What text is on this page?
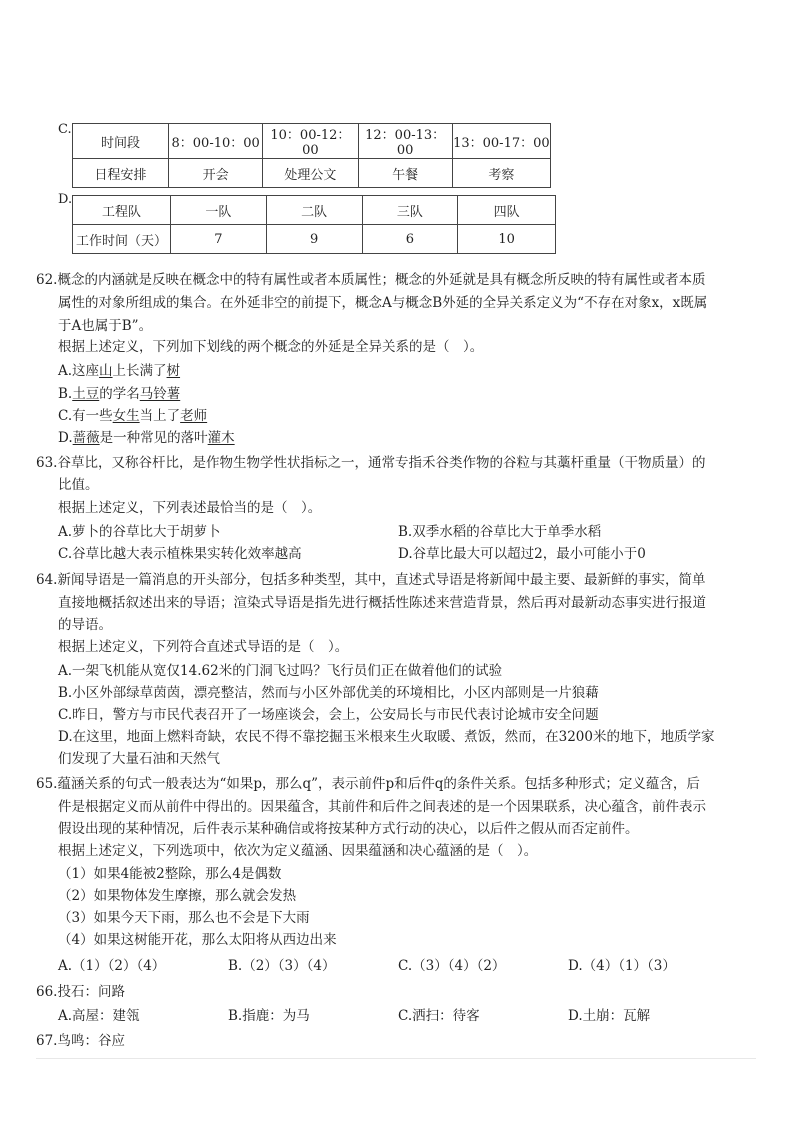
C.
时间段	8：00-10：00	10：00-12：00	12：00-13：00	13：00-17：00
日程安排	开会	处理公文	午餐	考察
D.
工程队	一队	二队	三队	四队
工作时间（天）	7	9	6	10
62.概念的内涵就是反映在概念中的特有属性或者本质属性；概念的外延就是具有概念所反映的特有属性或者本质
属性的对象所组成的集合。在外延非空的前提下，概念A与概念B外延的全异关系定义为“不存在对象x，x既属
于A也属于B”。
根据上述定义，下列加下划线的两个概念的外延是全异关系的是（　）。
A.这座山上长满了树
B.土豆的学名马铃薯
C.有一些女生当上了老师
D.蔷薇是一种常见的落叶灌木
63.谷草比，又称谷杆比，是作物生物学性状指标之一，通常专指禾谷类作物的谷粒与其藁杆重量（干物质量）的
比值。
根据上述定义，下列表述最恰当的是（　）。
A.萝卜的谷草比大于胡萝卜	B.双季水稻的谷草比大于单季水稻
C.谷草比越大表示植株果实转化效率越高	D.谷草比最大可以超过2，最小可能小于0
64.新闻导语是一篇消息的开头部分，包括多种类型，其中，直述式导语是将新闻中最主要、最新鲜的事实，简单
直接地概括叙述出来的导语；渲染式导语是指先进行概括性陈述来营造背景，然后再对最新动态事实进行报道
的导语。
根据上述定义，下列符合直述式导语的是（　）。
A.一架飞机能从宽仅14.62米的门洞飞过吗？飞行员们正在做着他们的试验
B.小区外部绿草茵茵，漂亮整洁，然而与小区外部优美的环境相比，小区内部则是一片狼藉
C.昨日，警方与市民代表召开了一场座谈会，会上，公安局长与市民代表讨论城市安全问题
D.在这里，地面上燃料奇缺，农民不得不靠挖掘玉米根来生火取暖、煮饭，然而，在3200米的地下，地质学家
们发现了大量石油和天然气
65.蕴涵关系的句式一般表达为“如果p，那么q”，表示前件p和后件q的条件关系。包括多种形式；定义蕴含，后
件是根据定义而从前件中得出的。因果蕴含，其前件和后件之间表述的是一个因果联系，决心蕴含，前件表示
假设出现的某种情况，后件表示某种确信或将按某种方式行动的决心，以后件之假从而否定前件。
根据上述定义，下列选项中，依次为定义蕴涵、因果蕴涵和决心蕴涵的是（　）。
（1）如果4能被2整除，那么4是偶数
（2）如果物体发生摩擦，那么就会发热
（3）如果今天下雨，那么也不会是下大雨
（4）如果这树能开花，那么太阳将从西边出来
A.（1）（2）（4）	B.（2）（3）（4）	C.（3）（4）（2）	D.（4）（1）（3）
66.投石：问路
A.高屋：建瓴	B.指鹿：为马	C.洒扫：待客	D.土崩：瓦解
67.鸟鸣：谷应
